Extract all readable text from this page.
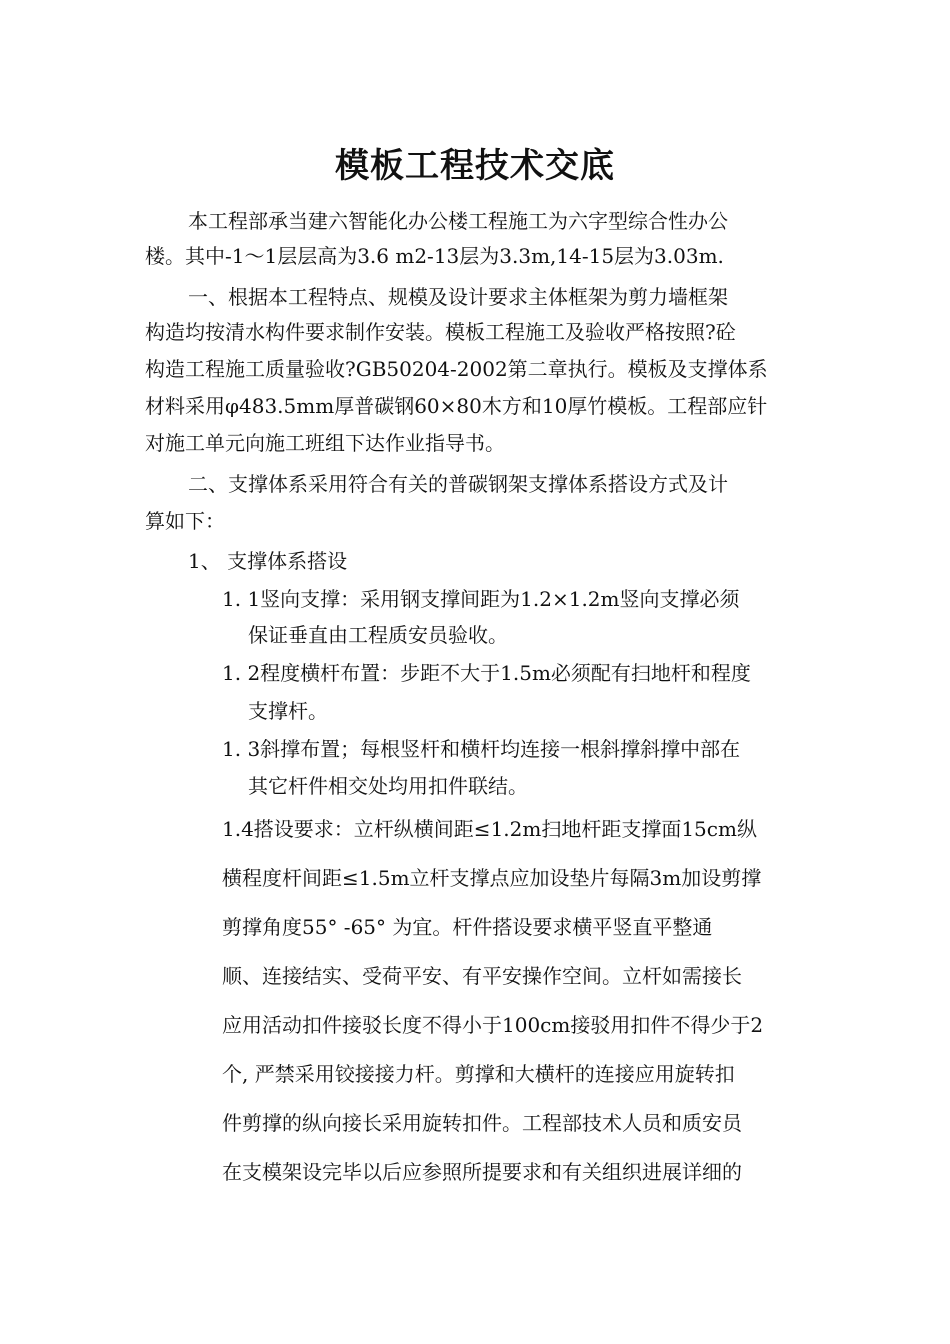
模板工程技术交底
本工程部承当建六智能化办公楼工程施工为六字型综合性办公
楼。其中-1～1层层高为3.6 m2-13层为3.3m,14-15层为3.03m.
一、根据本工程特点、规模及设计要求主体框架为剪力墙框架
构造均按清水构件要求制作安装。模板工程施工及验收严格按照?砼
构造工程施工质量验收?GB50204-2002第二章执行。模板及支撑体系
材料采用φ483.5mm厚普碳钢60×80木方和10厚竹模板。工程部应针
对施工单元向施工班组下达作业指导书。
二、支撑体系采用符合有关的普碳钢架支撑体系搭设方式及计
算如下：
1、 支撑体系搭设
1. 1竖向支撑：采用钢支撑间距为1.2×1.2m竖向支撑必须
保证垂直由工程质安员验收。
1. 2程度横杆布置：步距不大于1.5m必须配有扫地杆和程度
支撑杆。
1. 3斜撑布置；每根竖杆和横杆均连接一根斜撑斜撑中部在
其它杆件相交处均用扣件联结。
1.4搭设要求：立杆纵横间距≤1.2m扫地杆距支撑面15cm纵
横程度杆间距≤1.5m立杆支撑点应加设垫片每隔3m加设剪撑
剪撑角度55° -65° 为宜。杆件搭设要求横平竖直平整通
顺、连接结实、受荷平安、有平安操作空间。立杆如需接长
应用活动扣件接驳长度不得小于100cm接驳用扣件不得少于2
个, 严禁采用铰接接力杆。剪撑和大横杆的连接应用旋转扣
件剪撑的纵向接长采用旋转扣件。工程部技术人员和质安员
在支模架设完毕以后应参照所提要求和有关组织进展详细的
